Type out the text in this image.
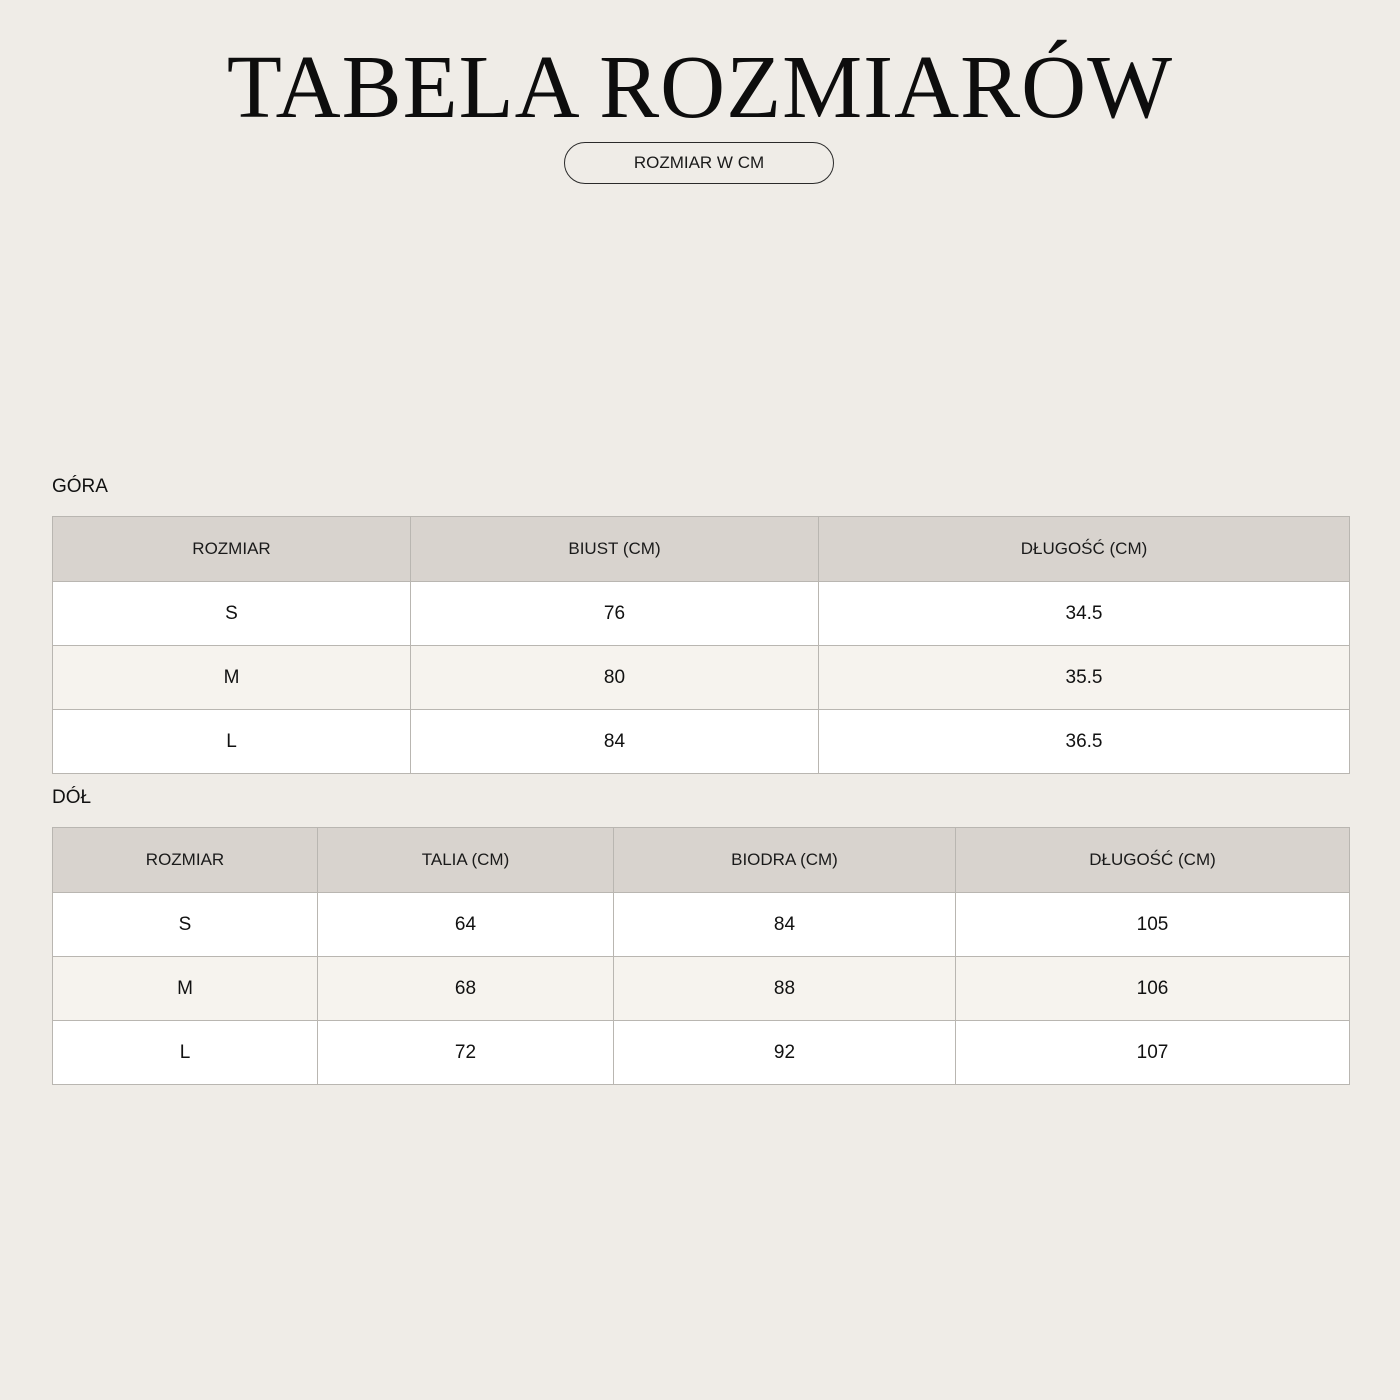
TABELA ROZMIARÓW
ROZMIAR W CM
GÓRA
ROZMIAR	BIUST (CM)	DŁUGOŚĆ (CM)
S	76	34.5
M	80	35.5
L	84	36.5
DÓŁ
ROZMIAR	TALIA (CM)	BIODRA (CM)	DŁUGOŚĆ (CM)
S	64	84	105
M	68	88	106
L	72	92	107
